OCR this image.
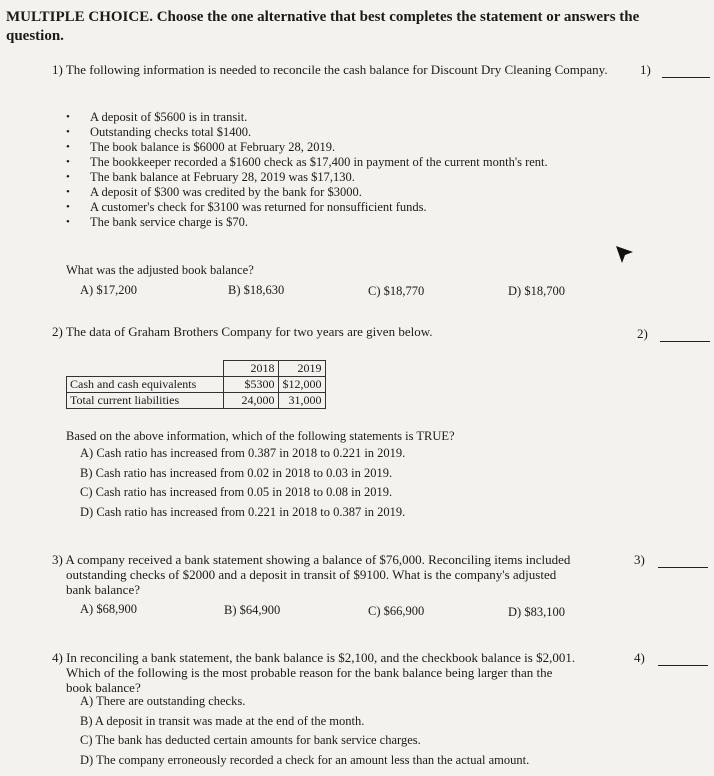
MULTIPLE CHOICE. Choose the one alternative that best completes the statement or answers the question.
1) The following information is needed to reconcile the cash balance for Discount Dry Cleaning Company.	1)
• A deposit of $5600 is in transit.
• Outstanding checks total $1400.
• The book balance is $6000 at February 28, 2019.
• The bookkeeper recorded a $1600 check as $17,400 in payment of the current month's rent.
• The bank balance at February 28, 2019 was $17,130.
• A deposit of $300 was credited by the bank for $3000.
• A customer's check for $3100 was returned for nonsufficient funds.
• The bank service charge is $70.
What was the adjusted book balance?
A) $17,200	B) $18,630	C) $18,770	D) $18,700
2) The data of Graham Brothers Company for two years are given below.	2)
	2018	2019
Cash and cash equivalents	$5300	$12,000
Total current liabilities	24,000	31,000
Based on the above information, which of the following statements is TRUE?
A) Cash ratio has increased from 0.387 in 2018 to 0.221 in 2019.
B) Cash ratio has increased from 0.02 in 2018 to 0.03 in 2019.
C) Cash ratio has increased from 0.05 in 2018 to 0.08 in 2019.
D) Cash ratio has increased from 0.221 in 2018 to 0.387 in 2019.
3) A company received a bank statement showing a balance of $76,000. Reconciling items included
outstanding checks of $2000 and a deposit in transit of $9100. What is the company's adjusted
bank balance?
3)
A) $68,900	B) $64,900	C) $66,900	D) $83,100
4) In reconciling a bank statement, the bank balance is $2,100, and the checkbook balance is $2,001.
Which of the following is the most probable reason for the bank balance being larger than the
book balance?
4)
A) There are outstanding checks.
B) A deposit in transit was made at the end of the month.
C) The bank has deducted certain amounts for bank service charges.
D) The company erroneously recorded a check for an amount less than the actual amount.
